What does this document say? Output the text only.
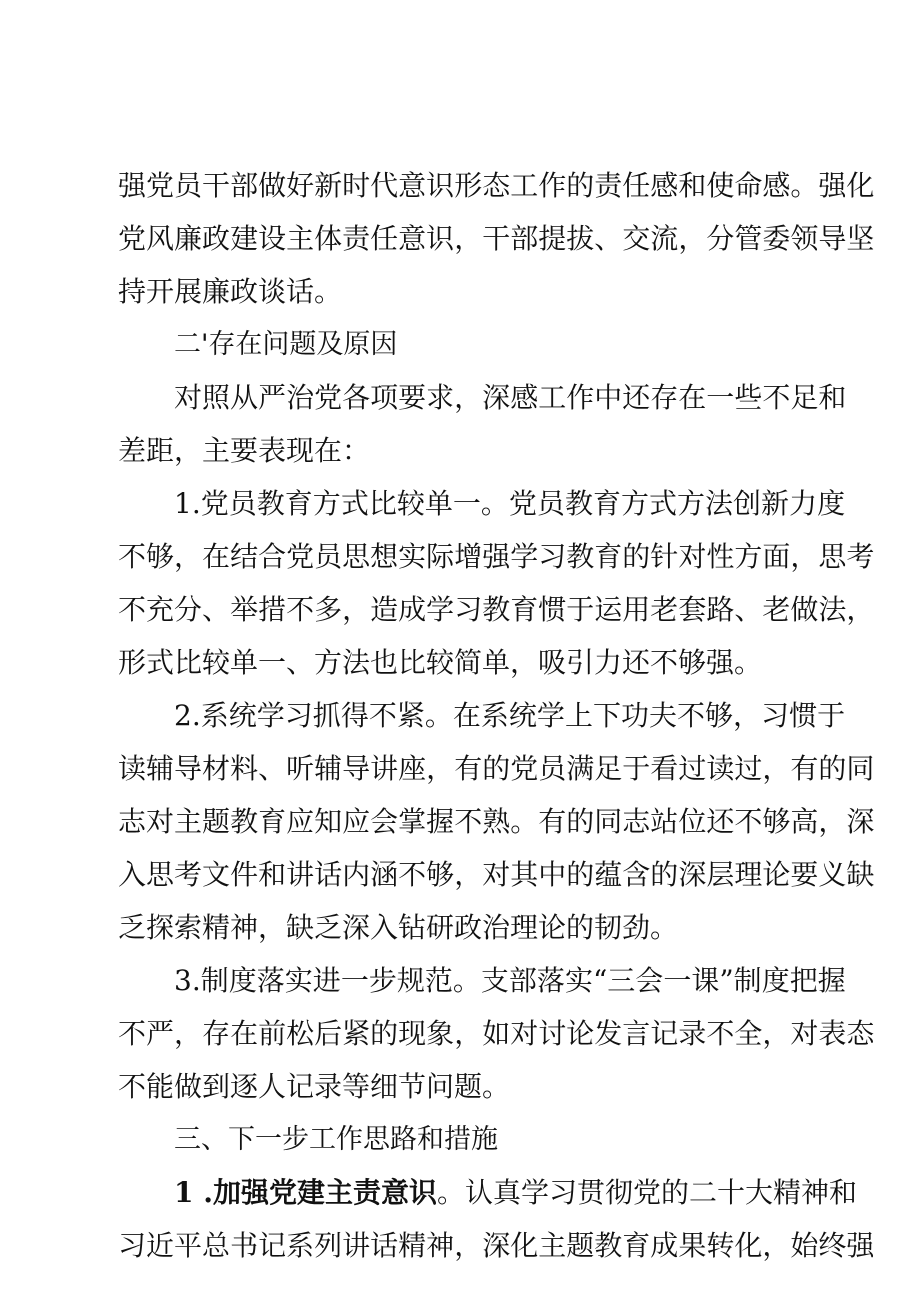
强 党 员 干 部 做 好 新 时 代 意 识 形 态 工 作 的 责 任 感 和 使 命 感 。 强 化
党 风 廉 政 建 设 主 体 责 任 意 识 ， 干 部 提 拔 、 交 流 ， 分 管 委 领 导 坚
持开展廉政谈话。
二'存在问题及原因
对 照 从 严 治 党 各 项 要 求 ， 深 感 工 作 中 还 存 在 一 些 不 足 和
差距，主要表现在：
1 . 党 员 教 育 方 式 比 较 单 一 。 党 员 教 育 方 式 方 法 创 新 力 度
不 够 ， 在 结 合 党 员 思 想 实 际 增 强 学 习 教 育 的 针 对 性 方 面 ， 思 考
不 充 分 、 举 措 不 多 ， 造 成 学 习 教 育 惯 于 运 用 老 套 路 、 老 做 法 ，
形式比较单一、方法也比较简单，吸引力还不够强。
2 . 系 统 学 习 抓 得 不 紧 。 在 系 统 学 上 下 功 夫 不 够 ， 习 惯 于
读 辅 导 材 料 、 听 辅 导 讲 座 ， 有 的 党 员 满 足 于 看 过 读 过 ， 有 的 同
志 对 主 题 教 育 应 知 应 会 掌 握 不 熟 。 有 的 同 志 站 位 还 不 够 高 ， 深
入 思 考 文 件 和 讲 话 内 涵 不 够 ， 对 其 中 的 蕴 含 的 深 层 理 论 要 义 缺
乏探索精神，缺乏深入钻研政治理论的韧劲。
3 . 制 度 落 实 进 一 步 规 范 。 支 部 落 实 “ 三 会 一 课 ” 制 度 把 握
不 严 ， 存 在 前 松 后 紧 的 现 象 ， 如 对 讨 论 发 言 记 录 不 全 ， 对 表 态
不能做到逐人记录等细节问题。
三、下一步工作思路和措施
1 .加强党建主责意识。认真学习贯彻党的二十大精神和
习 近 平 总 书 记 系 列 讲 话 精 神 ， 深 化 主 题 教 育 成 果 转 化 ， 始 终 强
